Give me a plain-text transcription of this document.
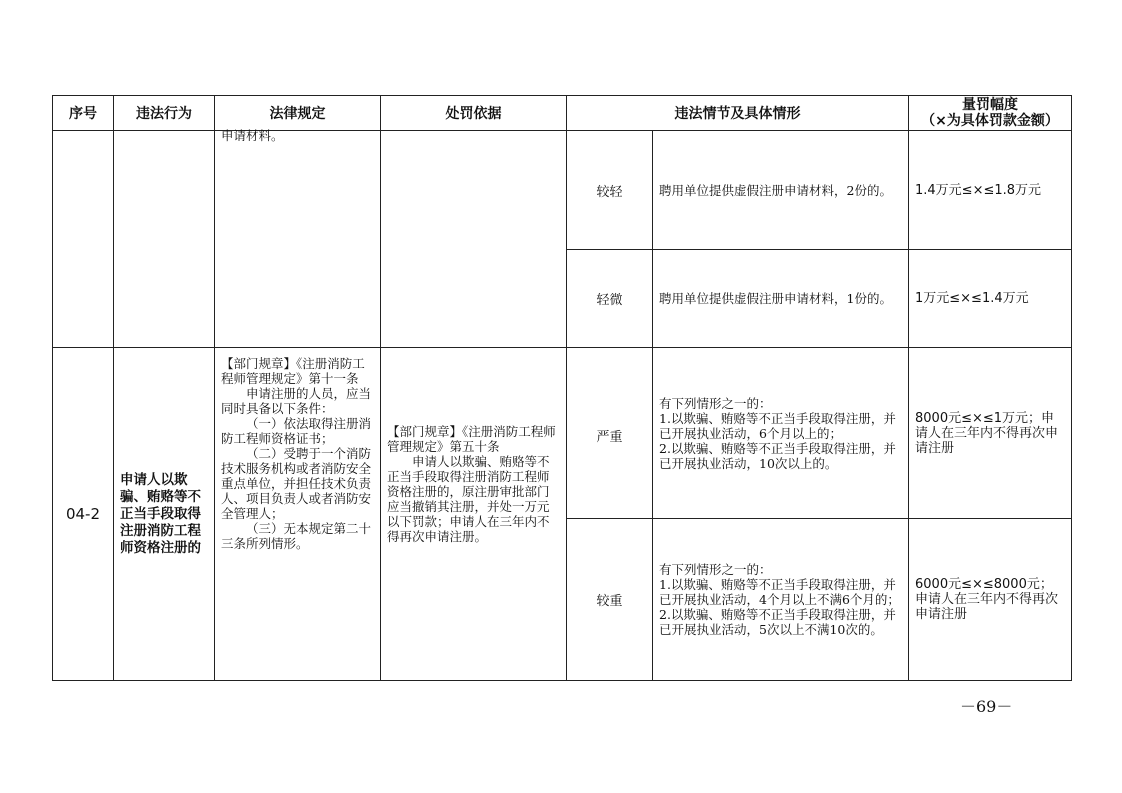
序号	违法行为	法律规定	处罚依据	违法情节及具体情形		量罚幅度
（×为具体罚款金额）

		申请材料。		较轻	聘用单位提供虚假注册申请材料，2份的。	1.4万元≤×≤1.8万元

				轻微	聘用单位提供虚假注册申请材料，1份的。	1万元≤×≤1.4万元

04-2	申请人以欺骗、贿赂等不正当手段取得注册消防工程师资格注册的	【部门规章】《注册消防工程师管理规定》第十一条
申请注册的人员，应当同时具备以下条件：
（一）依法取得注册消防工程师资格证书；
（二）受聘于一个消防技术服务机构或者消防安全重点单位，并担任技术负责人、项目负责人或者消防安全管理人；
（三）无本规定第二十三条所列情形。	【部门规章】《注册消防工程师管理规定》第五十条
申请人以欺骗、贿赂等不正当手段取得注册消防工程师资格注册的，原注册审批部门应当撤销其注册，并处一万元以下罚款；申请人在三年内不得再次申请注册。	严重	有下列情形之一的：
1.以欺骗、贿赂等不正当手段取得注册，并已开展执业活动，6个月以上的；
2.以欺骗、贿赂等不正当手段取得注册，并已开展执业活动，10次以上的。	8000元≤×≤1万元；申请人在三年内不得再次申请注册

				较重	有下列情形之一的：
1.以欺骗、贿赂等不正当手段取得注册，并已开展执业活动，4个月以上不满6个月的；
2.以欺骗、贿赂等不正当手段取得注册，并已开展执业活动，5次以上不满10次的。	6000元≤×≤8000元；申请人在三年内不得再次申请注册
－69－
